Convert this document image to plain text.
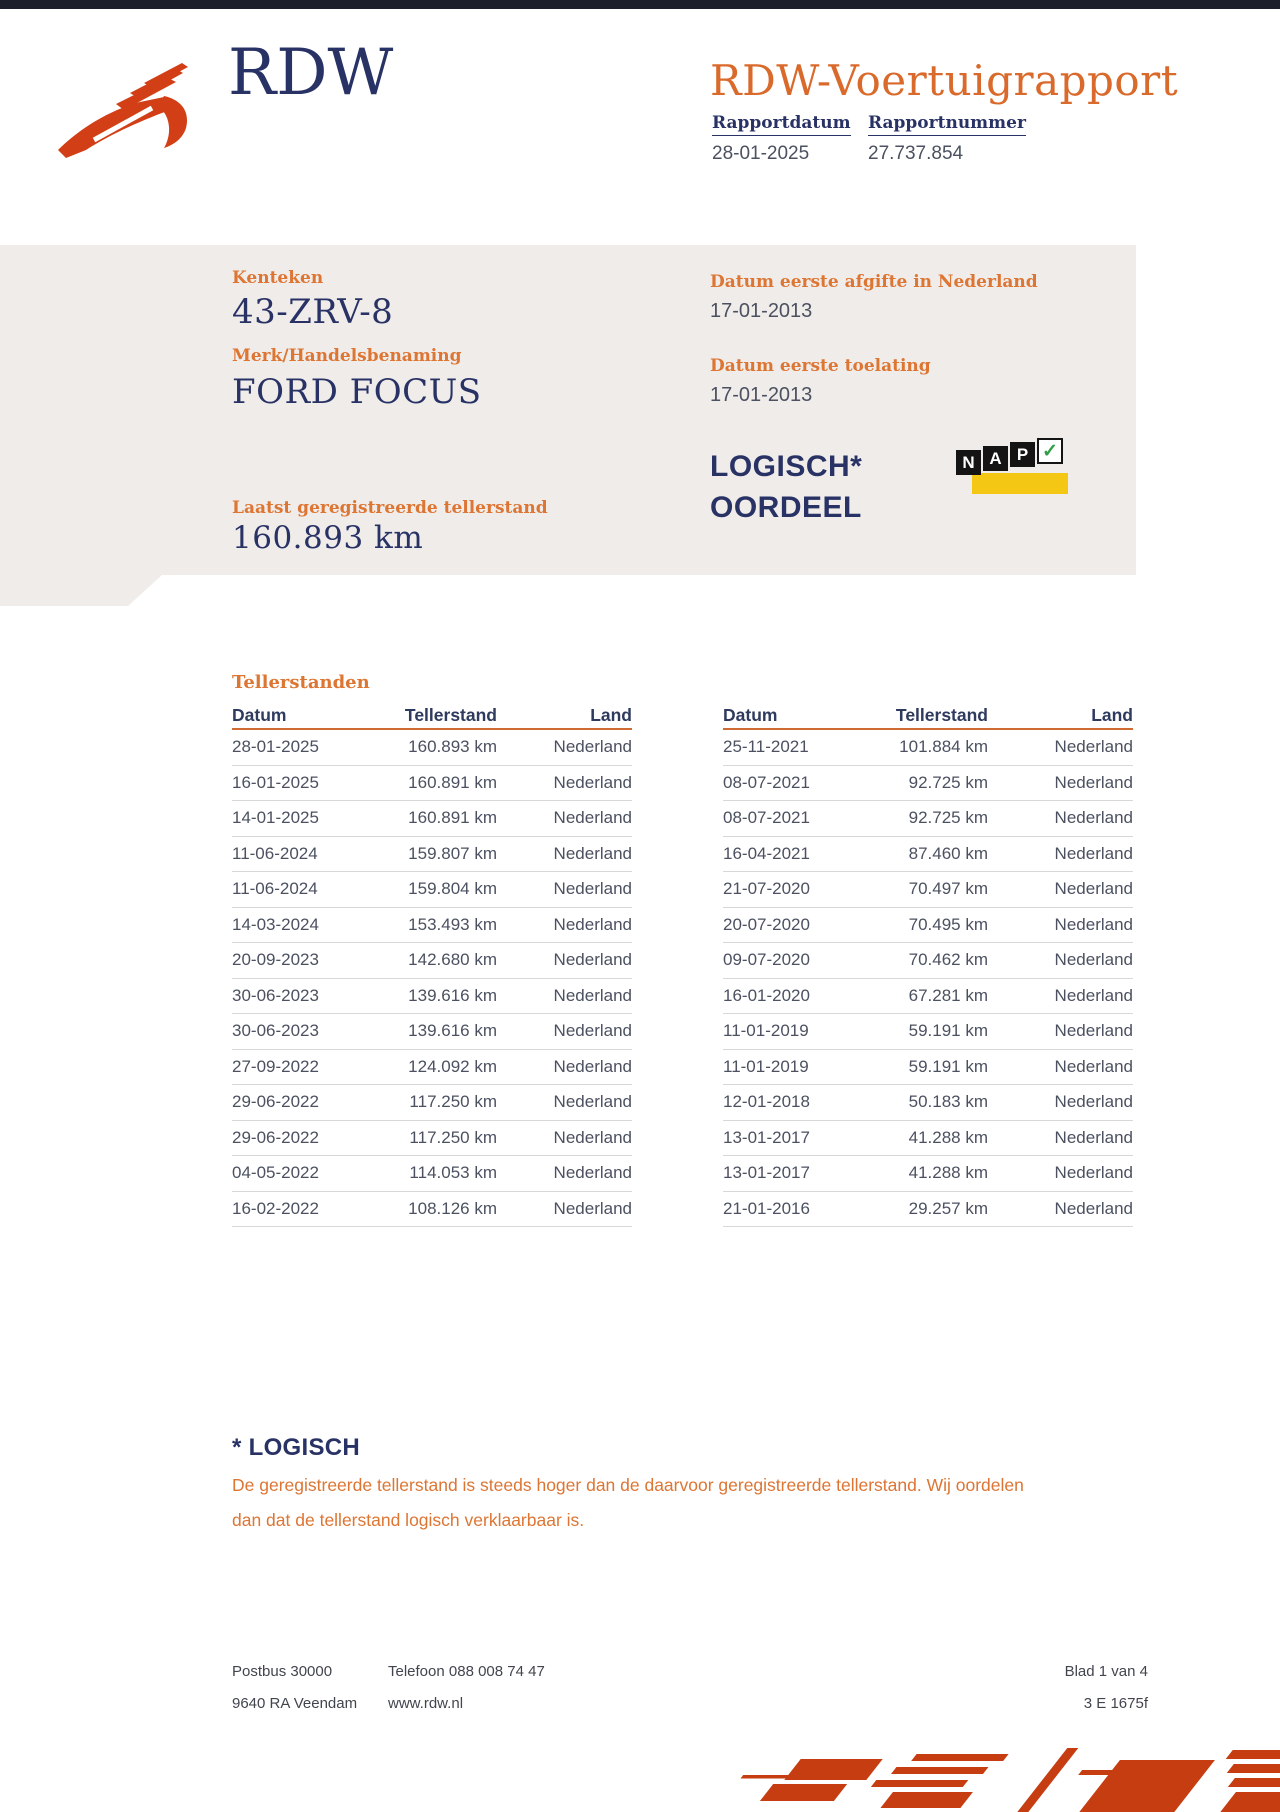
RDW	RDW-Voertuigrapport
Rapportdatum Rapportnummer
28-01-2025	27.737.854
Kenteken
43-ZRV-8
Merk/Handelsbenaming
FORD FOCUS
Laatst geregistreerde tellerstand
160.893 km
Datum eerste afgifte in Nederland
17-01-2013
Datum eerste toelating
17-01-2013
LOGISCH*
OORDEEL
N A P ✓
Tellerstanden
Datum	Tellerstand	Land
28-01-2025	160.893 km	Nederland
16-01-2025	160.891 km	Nederland
14-01-2025	160.891 km	Nederland
11-06-2024	159.807 km	Nederland
11-06-2024	159.804 km	Nederland
14-03-2024	153.493 km	Nederland
20-09-2023	142.680 km	Nederland
30-06-2023	139.616 km	Nederland
30-06-2023	139.616 km	Nederland
27-09-2022	124.092 km	Nederland
29-06-2022	117.250 km	Nederland
29-06-2022	117.250 km	Nederland
04-05-2022	114.053 km	Nederland
16-02-2022	108.126 km	Nederland
Datum	Tellerstand	Land
25-11-2021	101.884 km	Nederland
08-07-2021	92.725 km	Nederland
08-07-2021	92.725 km	Nederland
16-04-2021	87.460 km	Nederland
21-07-2020	70.497 km	Nederland
20-07-2020	70.495 km	Nederland
09-07-2020	70.462 km	Nederland
16-01-2020	67.281 km	Nederland
11-01-2019	59.191 km	Nederland
11-01-2019	59.191 km	Nederland
12-01-2018	50.183 km	Nederland
13-01-2017	41.288 km	Nederland
13-01-2017	41.288 km	Nederland
21-01-2016	29.257 km	Nederland
* LOGISCH
De geregistreerde tellerstand is steeds hoger dan de daarvoor geregistreerde tellerstand. Wij oordelen dan dat de tellerstand logisch verklaarbaar is.
Postbus 30000
9640 RA Veendam
Telefoon 088 008 74 47
www.rdw.nl
Blad 1 van 4
3 E 1675f
